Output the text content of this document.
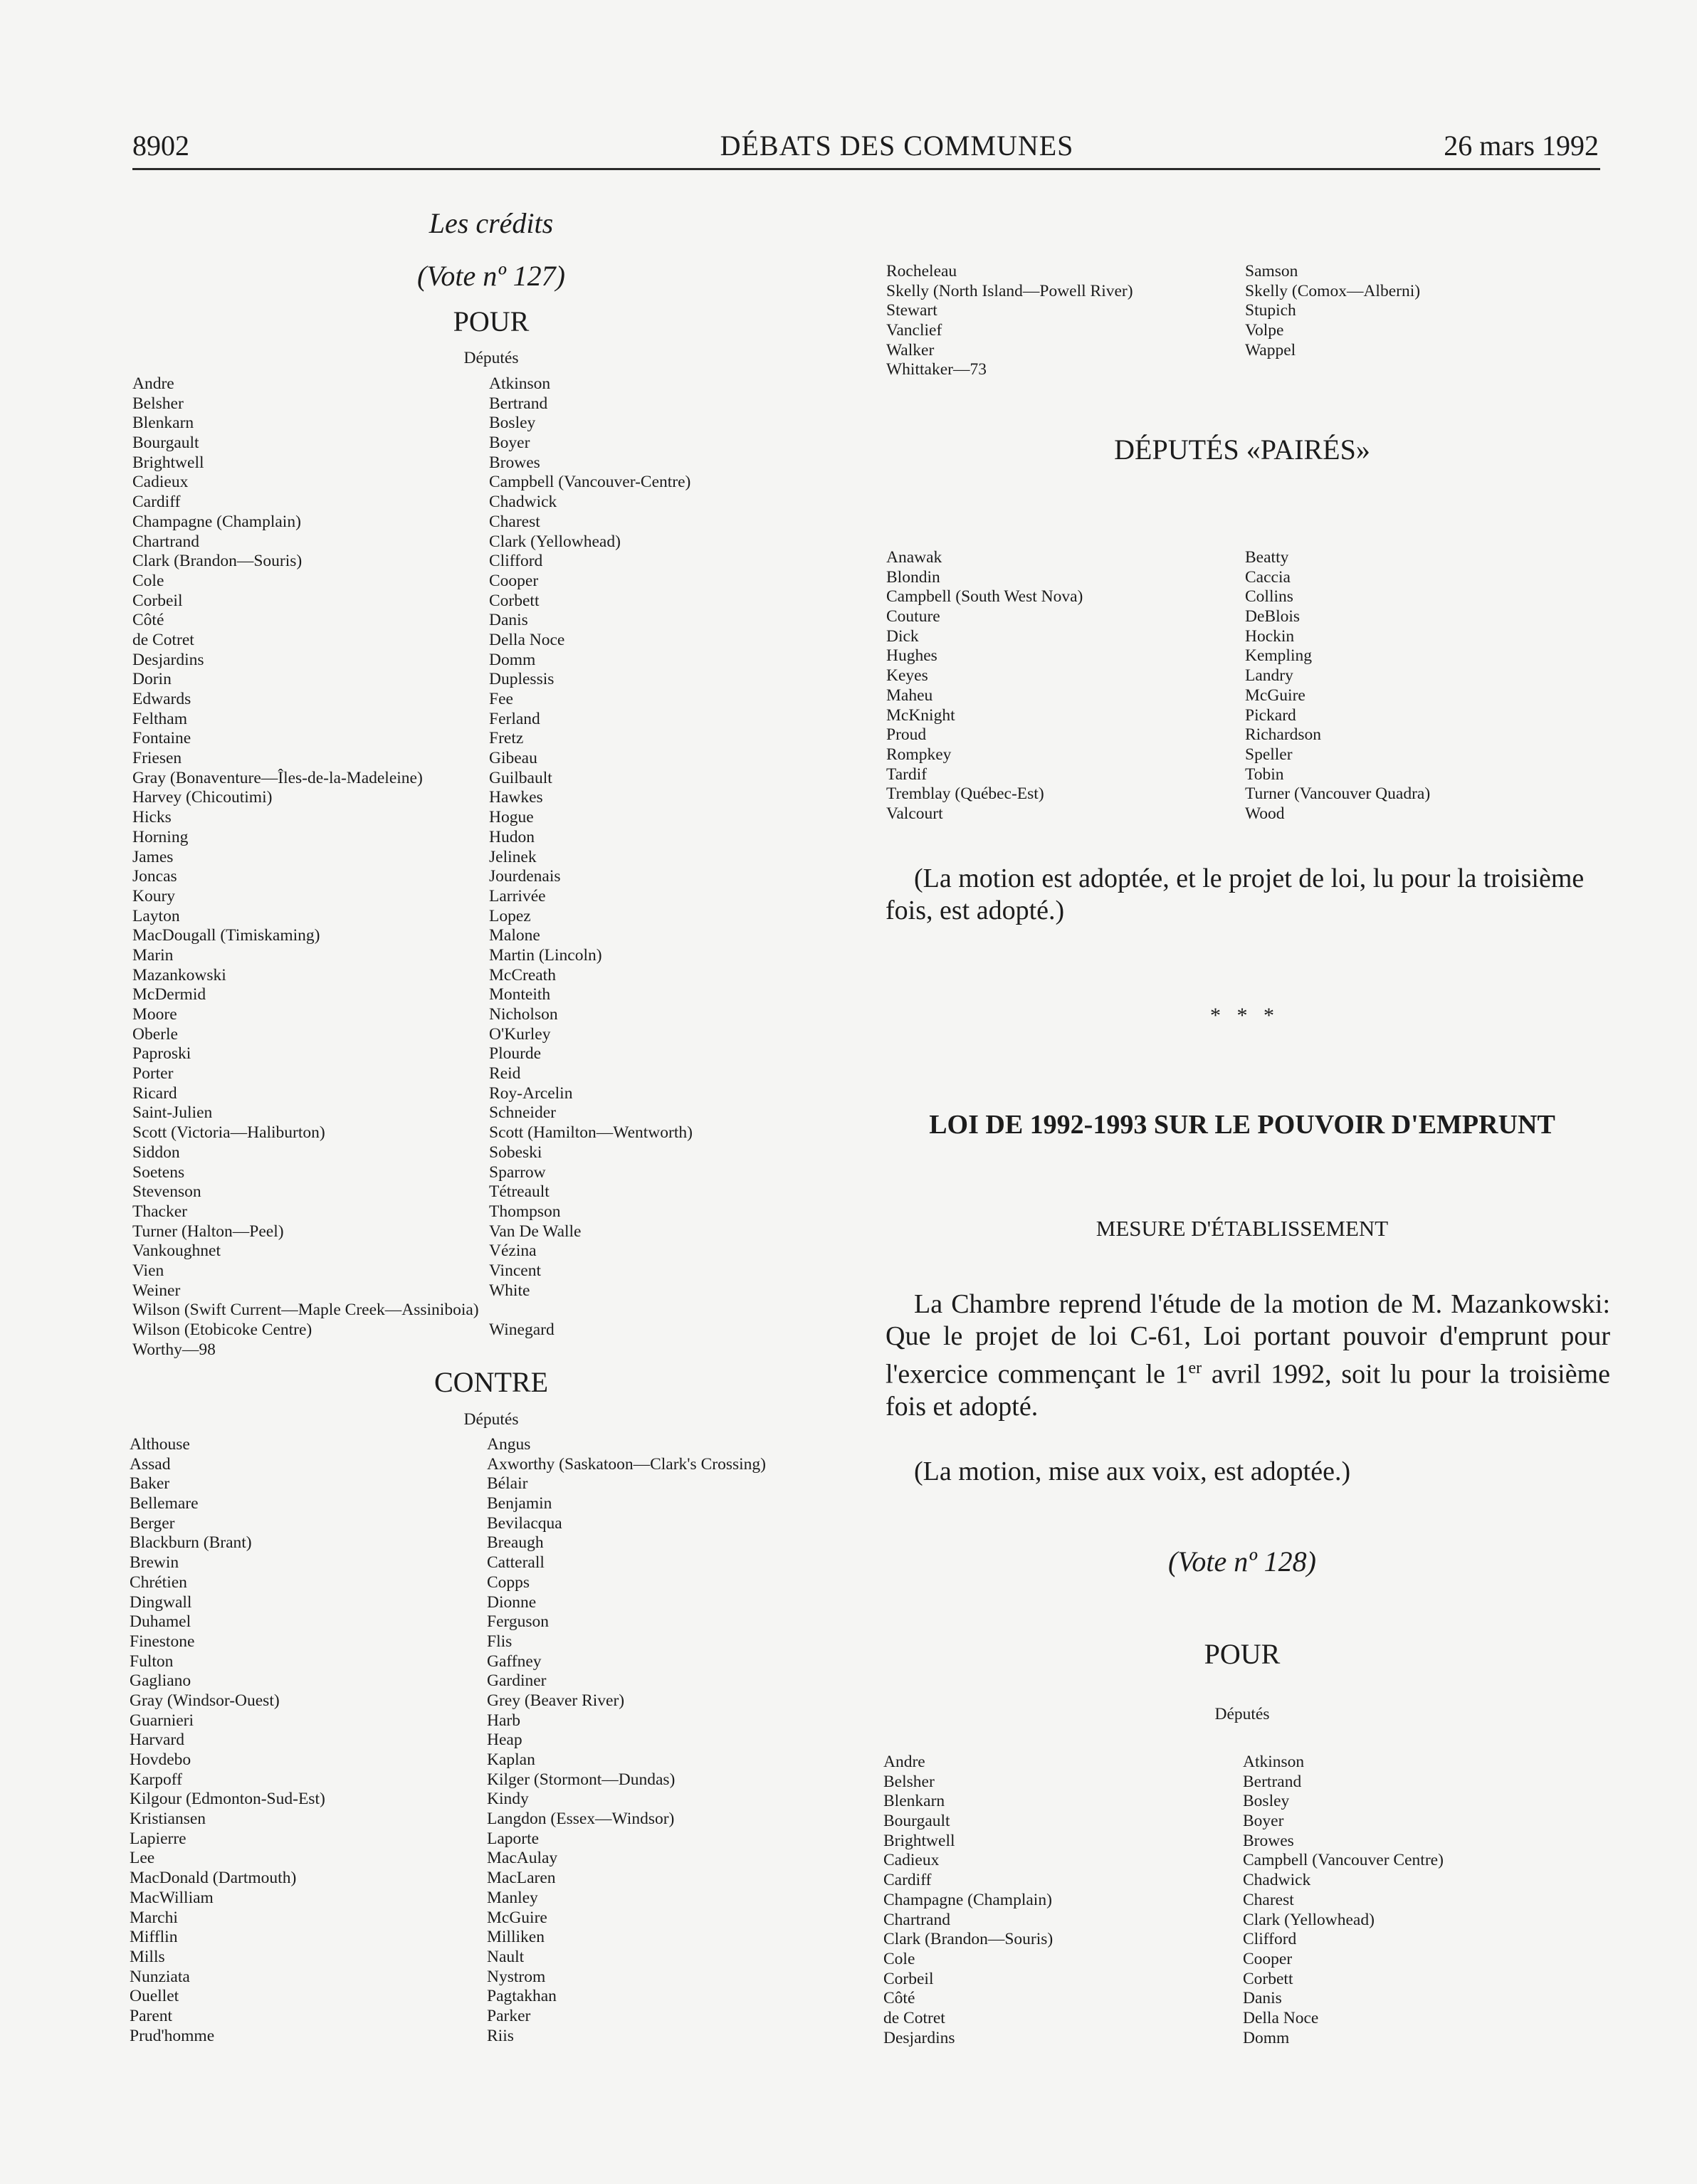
8902	DÉBATS DES COMMUNES	26 mars 1992
Les crédits
(Vote nº 127)
POUR
Députés
Andre
Belsher
Blenkarn
Bourgault
Brightwell
Cadieux
Cardiff
Champagne (Champlain)
Chartrand
Clark (Brandon—Souris)
Cole
Corbeil
Côté
de Cotret
Desjardins
Dorin
Edwards
Feltham
Fontaine
Friesen
Gray (Bonaventure—Îles-de-la-Madeleine)
Harvey (Chicoutimi)
Hicks
Horning
James
Joncas
Koury
Layton
MacDougall (Timiskaming)
Marin
Mazankowski
McDermid
Moore
Oberle
Paproski
Porter
Ricard
Saint-Julien
Scott (Victoria—Haliburton)
Siddon
Soetens
Stevenson
Thacker
Turner (Halton—Peel)
Vankoughnet
Vien
Weiner
Wilson (Swift Current—Maple Creek—Assiniboia)
Wilson (Etobicoke Centre)
Worthy—98
Atkinson
Bertrand
Bosley
Boyer
Browes
Campbell (Vancouver-Centre)
Chadwick
Charest
Clark (Yellowhead)
Clifford
Cooper
Corbett
Danis
Della Noce
Domm
Duplessis
Fee
Ferland
Fretz
Gibeau
Guilbault
Hawkes
Hogue
Hudon
Jelinek
Jourdenais
Larrivée
Lopez
Malone
Martin (Lincoln)
McCreath
Monteith
Nicholson
O'Kurley
Plourde
Reid
Roy-Arcelin
Schneider
Scott (Hamilton—Wentworth)
Sobeski
Sparrow
Tétreault
Thompson
Van De Walle
Vézina
Vincent
White
Winegard
CONTRE
Députés
Althouse
Assad
Baker
Bellemare
Berger
Blackburn (Brant)
Brewin
Chrétien
Dingwall
Duhamel
Finestone
Fulton
Gagliano
Gray (Windsor-Ouest)
Guarnieri
Harvard
Hovdebo
Karpoff
Kilgour (Edmonton-Sud-Est)
Kristiansen
Lapierre
Lee
MacDonald (Dartmouth)
MacWilliam
Marchi
Mifflin
Mills
Nunziata
Ouellet
Parent
Prud'homme
Angus
Axworthy (Saskatoon—Clark's Crossing)
Bélair
Benjamin
Bevilacqua
Breaugh
Catterall
Copps
Dionne
Ferguson
Flis
Gaffney
Gardiner
Grey (Beaver River)
Harb
Heap
Kaplan
Kilger (Stormont—Dundas)
Kindy
Langdon (Essex—Windsor)
Laporte
MacAulay
MacLaren
Manley
McGuire
Milliken
Nault
Nystrom
Pagtakhan
Parker
Riis
Rocheleau
Skelly (North Island—Powell River)
Stewart
Vanclief
Walker
Whittaker—73
Samson
Skelly (Comox—Alberni)
Stupich
Volpe
Wappel
DÉPUTÉS «PAIRÉS»
Anawak
Blondin
Campbell (South West Nova)
Couture
Dick
Hughes
Keyes
Maheu
McKnight
Proud
Rompkey
Tardif
Tremblay (Québec-Est)
Valcourt
Beatty
Caccia
Collins
DeBlois
Hockin
Kempling
Landry
McGuire
Pickard
Richardson
Speller
Tobin
Turner (Vancouver Quadra)
Wood
(La motion est adoptée, et le projet de loi, lu pour la troisième fois, est adopté.)
*   *   *
LOI DE 1992-1993 SUR LE POUVOIR D'EMPRUNT
MESURE D'ÉTABLISSEMENT
La Chambre reprend l'étude de la motion de M. Mazankowski: Que le projet de loi C-61, Loi portant pouvoir d'emprunt pour l'exercice commençant le 1er avril 1992, soit lu pour la troisième fois et adopté.
(La motion, mise aux voix, est adoptée.)
(Vote nº 128)
POUR
Députés
Andre
Belsher
Blenkarn
Bourgault
Brightwell
Cadieux
Cardiff
Champagne (Champlain)
Chartrand
Clark (Brandon—Souris)
Cole
Corbeil
Côté
de Cotret
Desjardins
Atkinson
Bertrand
Bosley
Boyer
Browes
Campbell (Vancouver Centre)
Chadwick
Charest
Clark (Yellowhead)
Clifford
Cooper
Corbett
Danis
Della Noce
Domm
